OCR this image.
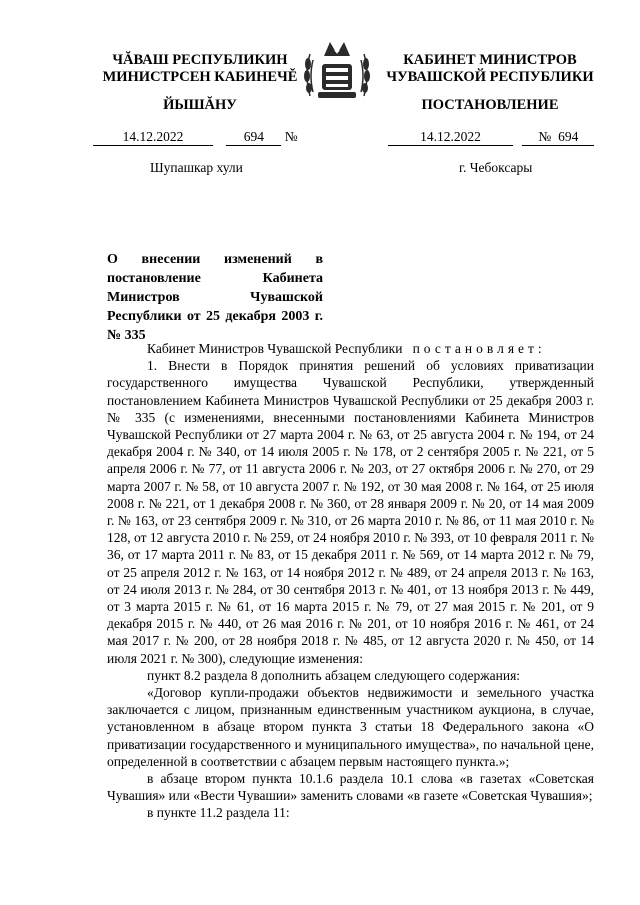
ЧĂВАШ РЕСПУБЛИКИН
МИНИСТРСЕН КАБИНЕЧĔ
ЙЫШĂНУ
КАБИНЕТ МИНИСТРОВ
ЧУВАШСКОЙ РЕСПУБЛИКИ
ПОСТАНОВЛЕНИЕ
14.12.2022	694 №	14.12.2022	№ 694
Шупашкар хули	г. Чебоксары
О внесении изменений в постановление Кабинета Министров Чувашской Республики от 25 декабря 2003 г. № 335

Кабинет Министров Чувашской Республики постановляет:

1. Внести в Порядок принятия решений об условиях приватизации государственного имущества Чувашской Республики, утвержденный постановлением Кабинета Министров Чувашской Республики от 25 декабря 2003 г. № 335 (с изменениями, внесенными постановлениями Кабинета Министров Чувашской Республики от 27 марта 2004 г. № 63, от 25 августа 2004 г. № 194, от 24 декабря 2004 г. № 340, от 14 июля 2005 г. № 178, от 2 сентября 2005 г. № 221, от 5 апреля 2006 г. № 77, от 11 августа 2006 г. № 203, от 27 октября 2006 г. № 270, от 29 марта 2007 г. № 58, от 10 августа 2007 г. № 192, от 30 мая 2008 г. № 164, от 25 июля 2008 г. № 221, от 1 декабря 2008 г. № 360, от 28 января 2009 г. № 20, от 14 мая 2009 г. № 163, от 23 сентября 2009 г. № 310, от 26 марта 2010 г. № 86, от 11 мая 2010 г. № 128, от 12 августа 2010 г. № 259, от 24 ноября 2010 г. № 393, от 10 февраля 2011 г. № 36, от 17 марта 2011 г. № 83, от 15 декабря 2011 г. № 569, от 14 марта 2012 г. № 79, от 25 апреля 2012 г. № 163, от 14 ноября 2012 г. № 489, от 24 апреля 2013 г. № 163, от 24 июля 2013 г. № 284, от 30 сентября 2013 г. № 401, от 13 ноября 2013 г. № 449, от 3 марта 2015 г. № 61, от 16 марта 2015 г. № 79, от 27 мая 2015 г. № 201, от 9 декабря 2015 г. № 440, от 26 мая 2016 г. № 201, от 10 ноября 2016 г. № 461, от 24 мая 2017 г. № 200, от 28 ноября 2018 г. № 485, от 12 августа 2020 г. № 450, от 14 июля 2021 г. № 300), следующие изменения:

пункт 8.2 раздела 8 дополнить абзацем следующего содержания:

«Договор купли-продажи объектов недвижимости и земельного участка заключается с лицом, признанным единственным участником аукциона, в случае, установленном в абзаце втором пункта 3 статьи 18 Федерального закона «О приватизации государственного и муниципального имущества», по начальной цене, определенной в соответствии с абзацем первым настоящего пункта.»;

в абзаце втором пункта 10.1.6 раздела 10.1 слова «в газетах «Советская Чувашия» или «Вести Чувашии» заменить словами «в газете «Советская Чувашия»;

в пункте 11.2 раздела 11:
